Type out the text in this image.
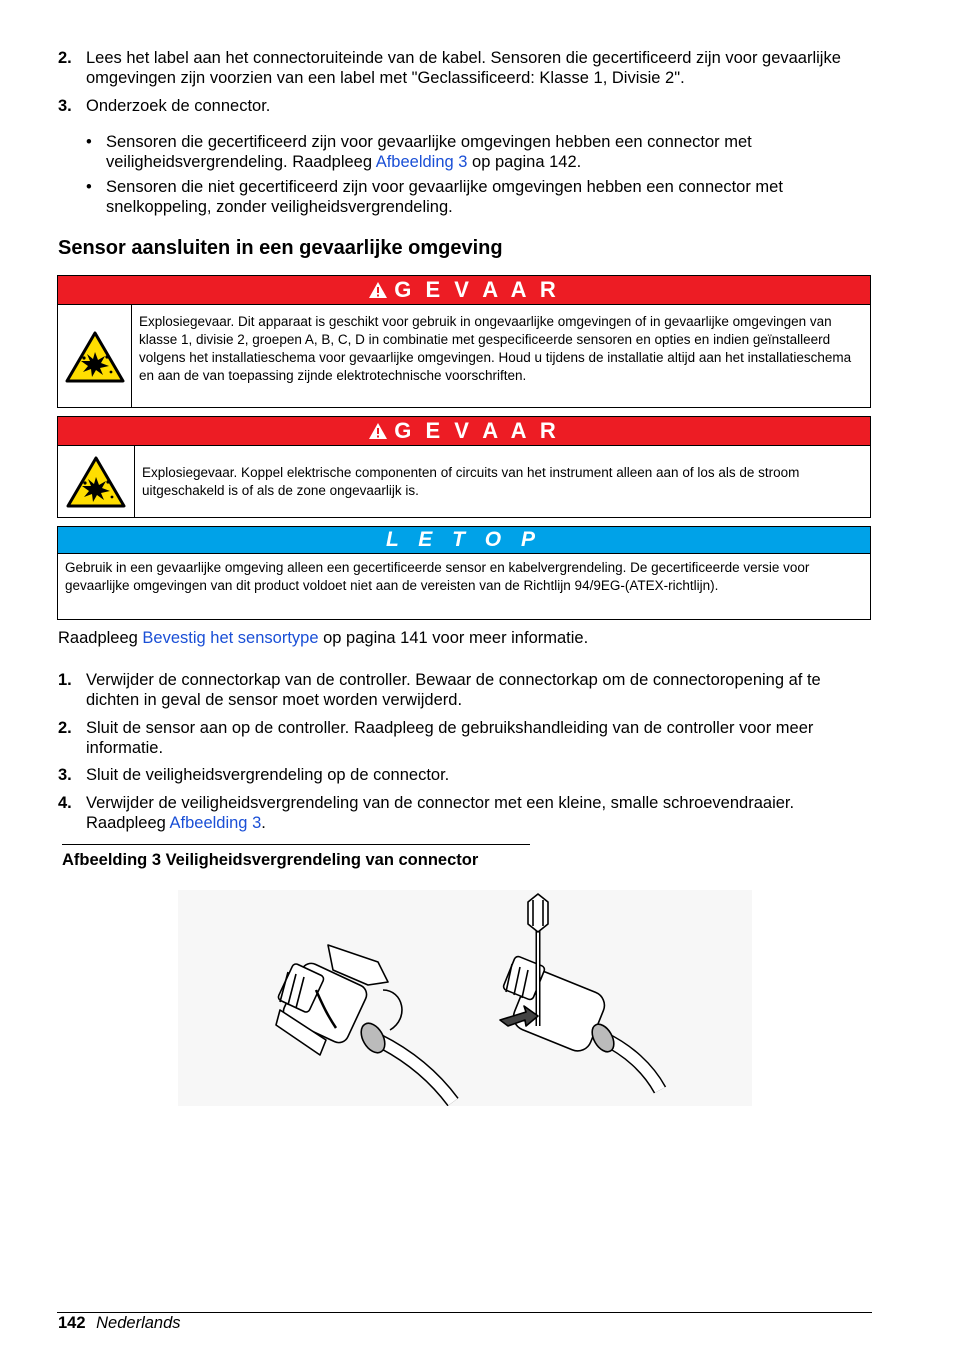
2. Lees het label aan het connectoruiteinde van de kabel. Sensoren die gecertificeerd zijn voor gevaarlijke omgevingen zijn voorzien van een label met "Geclassificeerd: Klasse 1, Divisie 2".
3. Onderzoek de connector.
• Sensoren die gecertificeerd zijn voor gevaarlijke omgevingen hebben een connector met veiligheidsvergrendeling. Raadpleeg Afbeelding 3 op pagina 142.
• Sensoren die niet gecertificeerd zijn voor gevaarlijke omgevingen hebben een connector met snelkoppeling, zonder veiligheidsvergrendeling.
Sensor aansluiten in een gevaarlijke omgeving
G E V A A R
Explosiegevaar. Dit apparaat is geschikt voor gebruik in ongevaarlijke omgevingen of in gevaarlijke omgevingen van klasse 1, divisie 2, groepen A, B, C, D in combinatie met gespecificeerde sensoren en opties en indien geïnstalleerd volgens het installatieschema voor gevaarlijke omgevingen. Houd u tijdens de installatie altijd aan het installatieschema en aan de van toepassing zijnde elektrotechnische voorschriften.
G E V A A R
Explosiegevaar. Koppel elektrische componenten of circuits van het instrument alleen aan of los als de stroom uitgeschakeld is of als de zone ongevaarlijk is.
L E T O P
Gebruik in een gevaarlijke omgeving alleen een gecertificeerde sensor en kabelvergrendeling. De gecertificeerde versie voor gevaarlijke omgevingen van dit product voldoet niet aan de vereisten van de Richtlijn 94/9EG-(ATEX-richtlijn).
Raadpleeg Bevestig het sensortype op pagina 141 voor meer informatie.
1. Verwijder de connectorkap van de controller. Bewaar de connectorkap om de connectoropening af te dichten in geval de sensor moet worden verwijderd.
2. Sluit de sensor aan op de controller. Raadpleeg de gebruikshandleiding van de controller voor meer informatie.
3. Sluit de veiligheidsvergrendeling op de connector.
4. Verwijder de veiligheidsvergrendeling van de connector met een kleine, smalle schroevendraaier. Raadpleeg Afbeelding 3.
Afbeelding 3 Veiligheidsvergrendeling van connector
142 Nederlands
